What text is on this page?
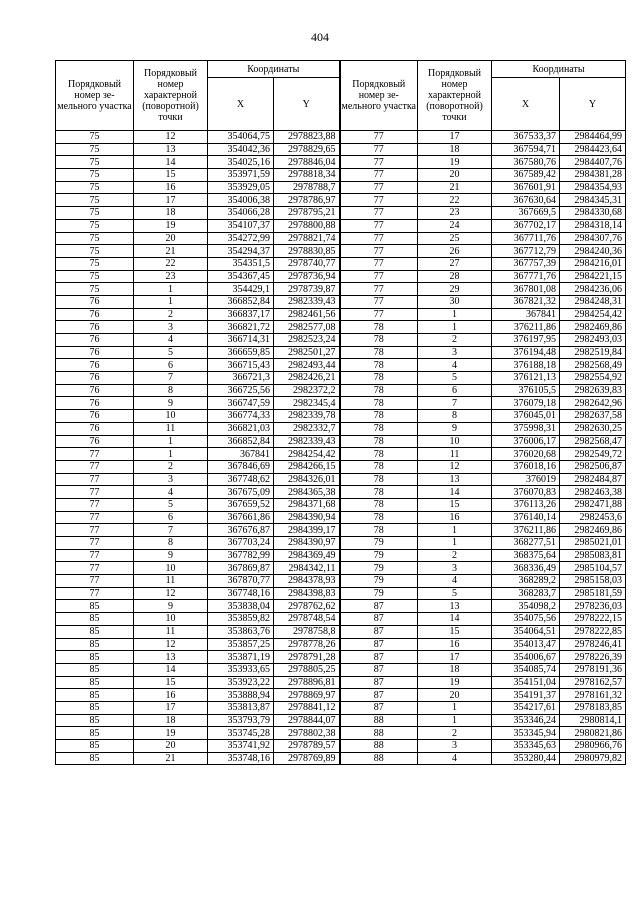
404
Порядковый номер зе-мельного участка	Порядковый номер характерной (поворотной) точки	Координаты		Порядковый номер зе-мельного участка	Порядковый номер характерной (поворотной) точки	Координаты	
		X	Y			X	Y
75	12	354064,75	2978823,88	77	17	367533,37	2984464,99
75	13	354042,36	2978829,65	77	18	367594,71	2984423,64
75	14	354025,16	2978846,04	77	19	367580,76	2984407,76
75	15	353971,59	2978818,34	77	20	367589,42	2984381,28
75	16	353929,05	2978788,7	77	21	367601,91	2984354,93
75	17	354006,38	2978786,97	77	22	367630,64	2984345,31
75	18	354066,28	2978795,21	77	23	367669,5	2984330,68
75	19	354107,37	2978800,88	77	24	367702,17	2984318,14
75	20	354272,99	2978821,74	77	25	367711,76	2984307,76
75	21	354294,37	2978830,85	77	26	367712,79	2984240,36
75	22	354351,5	2978740,77	77	27	367757,39	2984216,01
75	23	354367,45	2978736,94	77	28	367771,76	2984221,15
75	1	354429,1	2978739,87	77	29	367801,08	2984236,06
76	1	366852,84	2982339,43	77	30	367821,32	2984248,31
76	2	366837,17	2982461,56	77	1	367841	2984254,42
76	3	366821,72	2982577,08	78	1	376211,86	2982469,86
76	4	366714,31	2982523,24	78	2	376197,95	2982493,03
76	5	366659,85	2982501,27	78	3	376194,48	2982519,84
76	6	366715,43	2982493,44	78	4	376188,18	2982568,49
76	7	366721,3	2982426,21	78	5	376121,13	2982554,92
76	8	366725,56	2982372,2	78	6	376105,5	2982639,83
76	9	366747,59	2982345,4	78	7	376079,18	2982642,96
76	10	366774,33	2982339,78	78	8	376045,01	2982637,58
76	11	366821,03	2982332,7	78	9	375998,31	2982630,25
76	1	366852,84	2982339,43	78	10	376006,17	2982568,47
77	1	367841	2984254,42	78	11	376020,68	2982549,72
77	2	367846,69	2984266,15	78	12	376018,16	2982506,87
77	3	367748,62	2984326,01	78	13	376019	2982484,87
77	4	367675,09	2984365,38	78	14	376070,83	2982463,38
77	5	367659,52	2984371,68	78	15	376113,26	2982471,88
77	6	367661,86	2984390,94	78	16	376140,14	2982453,6
77	7	367676,87	2984399,17	78	1	376211,86	2982469,86
77	8	367703,24	2984390,97	79	1	368277,51	2985021,01
77	9	367782,99	2984369,49	79	2	368375,64	2985083,81
77	10	367869,87	2984342,11	79	3	368336,49	2985104,57
77	11	367870,77	2984378,93	79	4	368289,2	2985158,03
77	12	367748,16	2984398,83	79	5	368283,7	2985181,59
85	9	353838,04	2978762,62	87	13	354098,2	2978236,03
85	10	353859,82	2978748,54	87	14	354075,56	2978222,15
85	11	353863,76	2978758,8	87	15	354064,51	2978222,85
85	12	353857,25	2978778,26	87	16	354013,47	2978246,41
85	13	353871,19	2978791,28	87	17	354006,67	2978226,39
85	14	353933,65	2978805,25	87	18	354085,74	2978191,36
85	15	353923,22	2978896,81	87	19	354151,04	2978162,57
85	16	353888,94	2978869,97	87	20	354191,37	2978161,32
85	17	353813,87	2978841,12	87	1	354217,61	2978183,85
85	18	353793,79	2978844,07	88	1	353346,24	2980814,1
85	19	353745,28	2978802,38	88	2	353345,94	2980821,86
85	20	353741,92	2978789,57	88	3	353345,63	2980966,76
85	21	353748,16	2978769,89	88	4	353280,44	2980979,82
